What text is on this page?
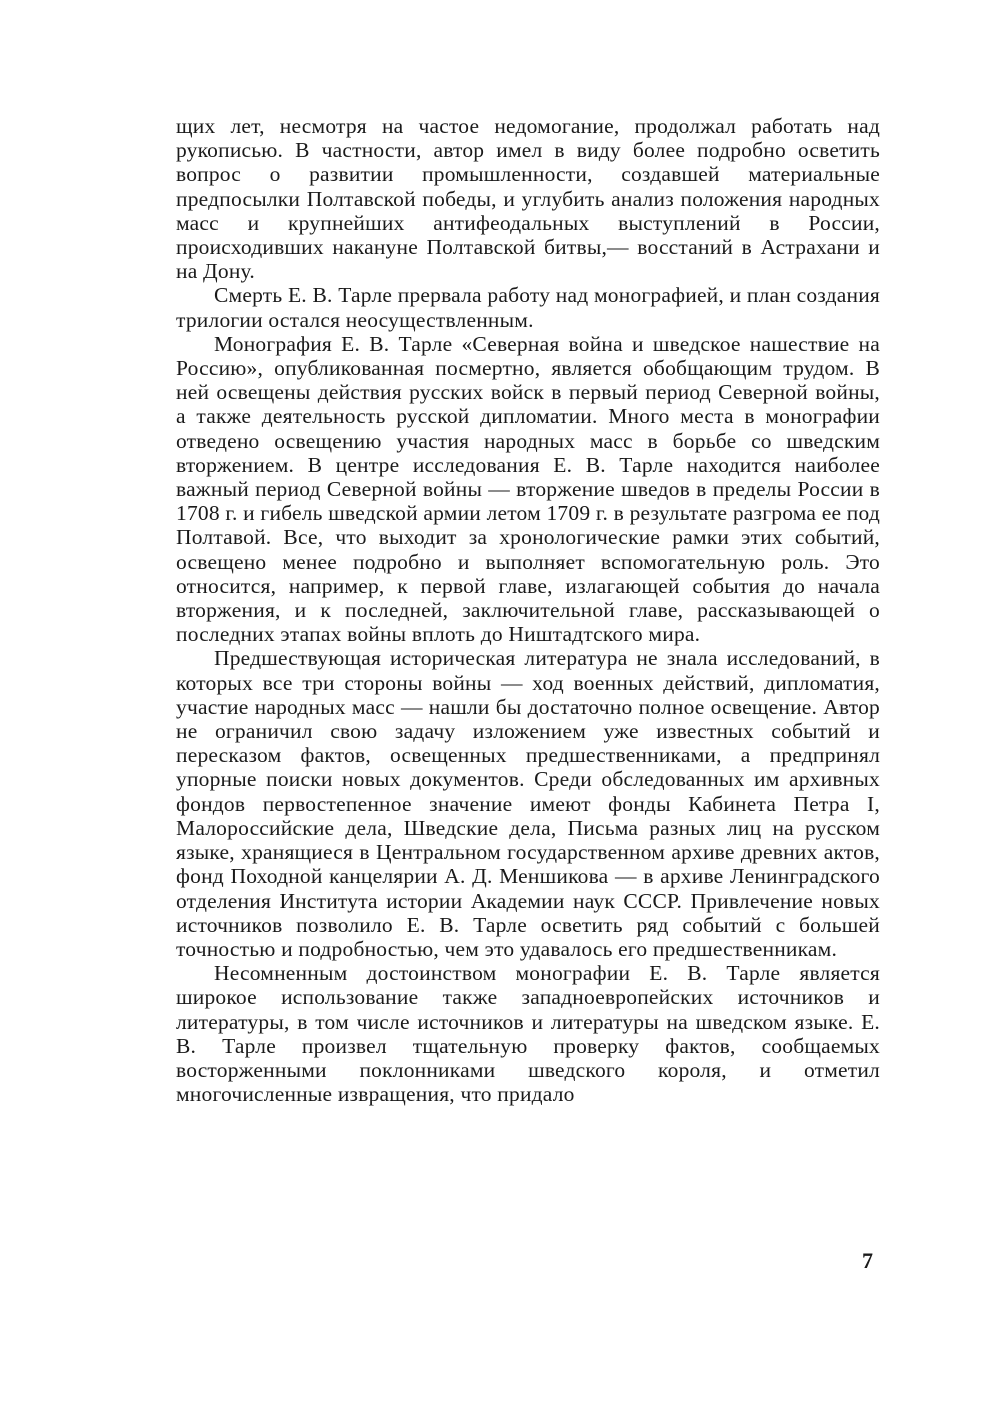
щих лет, несмотря на частое недомогание, продолжал работать над рукописью. В частности, автор имел в виду более подробно осветить вопрос о развитии промышленности, создавшей материальные предпосылки Полтавской победы, и углубить анализ положения народных масс и крупнейших антифеодальных выступлений в России, происходивших накануне Полтавской битвы,— восстаний в Астрахани и на Дону.

Смерть Е. В. Тарле прервала работу над монографией, и план создания трилогии остался неосуществленным.

Монография Е. В. Тарле «Северная война и шведское нашествие на Россию», опубликованная посмертно, является обобщающим трудом. В ней освещены действия русских войск в первый период Северной войны, а также деятельность русской дипломатии. Много места в монографии отведено освещению участия народных масс в борьбе со шведским вторжением. В центре исследования Е. В. Тарле находится наиболее важный период Северной войны — вторжение шведов в пределы России в 1708 г. и гибель шведской армии летом 1709 г. в результате разгрома ее под Полтавой. Все, что выходит за хронологические рамки этих событий, освещено менее подробно и выполняет вспомогательную роль. Это относится, например, к первой главе, излагающей события до начала вторжения, и к последней, заключительной главе, рассказывающей о последних этапах войны вплоть до Ништадтского мира.

Предшествующая историческая литература не знала исследований, в которых все три стороны войны — ход военных действий, дипломатия, участие народных масс — нашли бы достаточно полное освещение. Автор не ограничил свою задачу изложением уже известных событий и пересказом фактов, освещенных предшественниками, а предпринял упорные поиски новых документов. Среди обследованных им архивных фондов первостепенное значение имеют фонды Кабинета Петра I, Малороссийские дела, Шведские дела, Письма разных лиц на русском языке, хранящиеся в Центральном государственном архиве древних актов, фонд Походной канцелярии А. Д. Меншикова — в архиве Ленинградского отделения Института истории Академии наук СССР. Привлечение новых источников позволило Е. В. Тарле осветить ряд событий с большей точностью и подробностью, чем это удавалось его предшественникам.

Несомненным достоинством монографии Е. В. Тарле является широкое использование также западноевропейских источников и литературы, в том числе источников и литературы на шведском языке. Е. В. Тарле произвел тщательную проверку фактов, сообщаемых восторженными поклонниками шведского короля, и отметил многочисленные извращения, что придало

7
